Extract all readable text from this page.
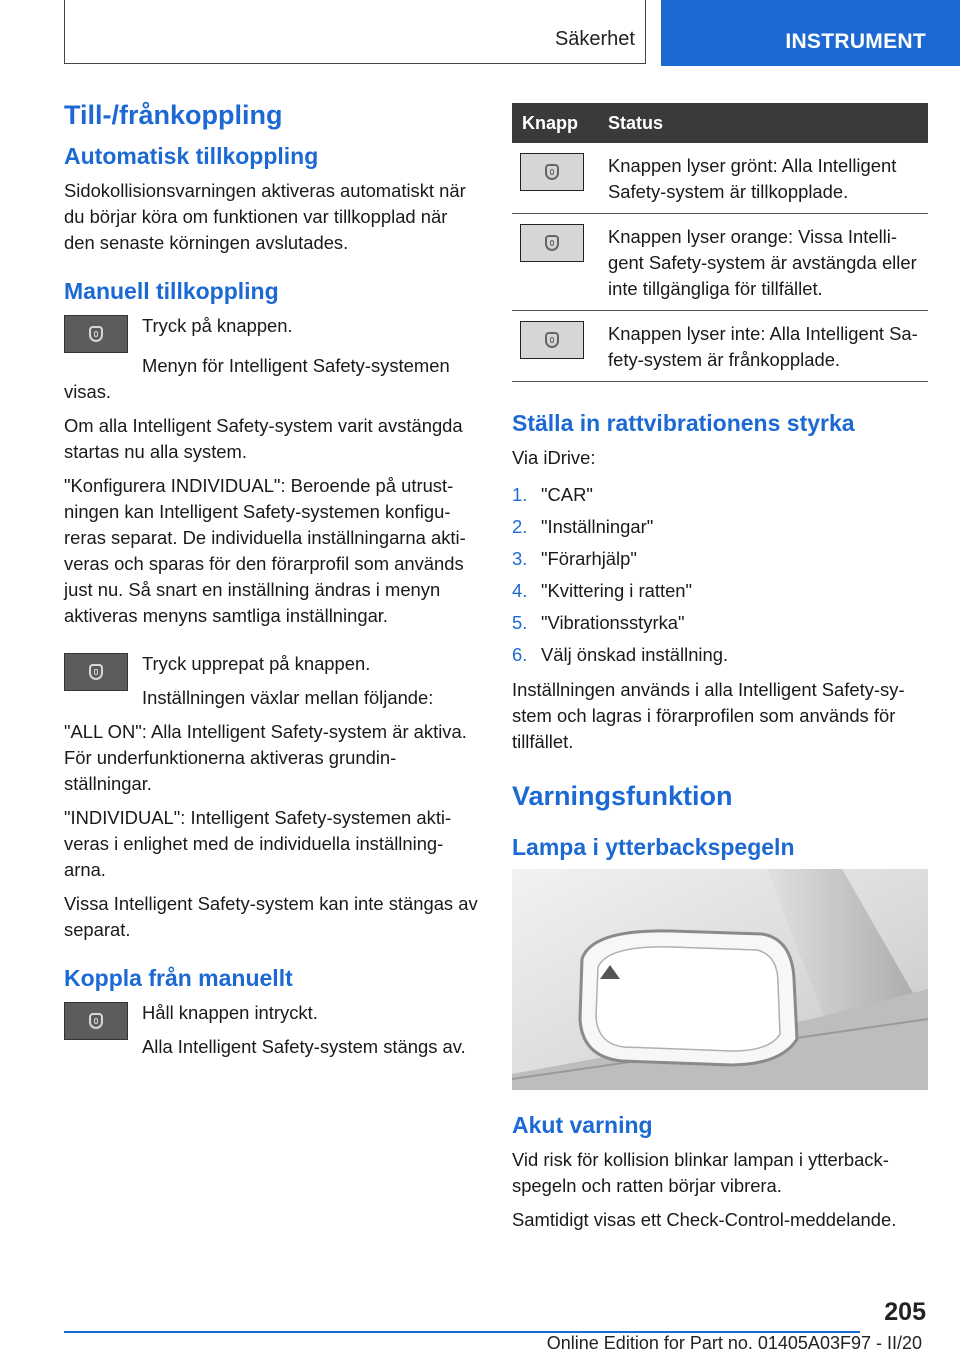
Säkerhet	INSTRUMENT
Till-/frånkoppling
Automatisk tillkoppling

Sidokollisionsvarningen aktiveras automatiskt när du börjar köra om funktionen var tillkopplad när den senaste körningen avslutades.

Manuell tillkoppling

Tryck på knappen.

Menyn för Intelligent Safety-systemen visas.

Om alla Intelligent Safety-system varit avstängda startas nu alla system.

"Konfigurera INDIVIDUAL": Beroende på utrustningen kan Intelligent Safety-systemen konfigureras separat. De individuella inställningarna aktiveras och sparas för den förarprofil som används just nu. Så snart en inställning ändras i menyn aktiveras menyns samtliga inställningar.

Tryck upprepat på knappen.

Inställningen växlar mellan följande:

"ALL ON": Alla Intelligent Safety-system är aktiva. För underfunktionerna aktiveras grundinställningar.

"INDIVIDUAL": Intelligent Safety-systemen aktiveras i enlighet med de individuella inställningarna.

Vissa Intelligent Safety-system kan inte stängas av separat.

Koppla från manuellt

Håll knappen intryckt.

Alla Intelligent Safety-system stängs av.

Knapp	Status

	Knappen lyser grönt: Alla Intelligent Safety-system är tillkopplade.

	Knappen lyser orange: Vissa Intelligent Safety-system är avstängda eller inte tillgängliga för tillfället.

	Knappen lyser inte: Alla Intelligent Safety-system är frånkopplade.
Ställa in rattvibrationens styrka

Via iDrive:

1. "CAR"
2. "Inställningar"
3. "Förarhjälp"
4. "Kvittering i ratten"
5. "Vibrationsstyrka"
6. Välj önskad inställning.

Inställningen används i alla Intelligent Safety-system och lagras i förarprofilen som används för tillfället.

Varningsfunktion
Lampa i ytterbackspegeln
Akut varning

Vid risk för kollision blinkar lampan i ytterbackspegeln och ratten börjar vibrera.

Samtidigt visas ett Check-Control-meddelande.

205
Online Edition for Part no. 01405A03F97 - II/20
